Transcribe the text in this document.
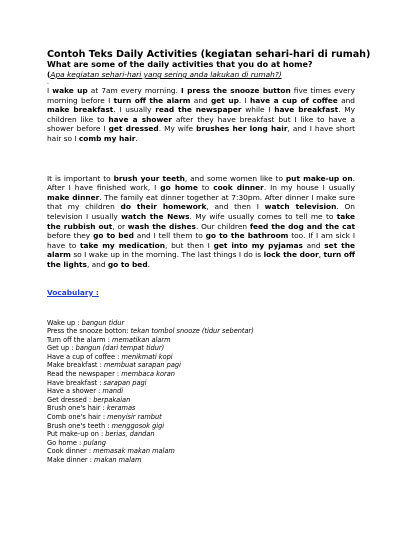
Contoh Teks Daily Activities (kegiatan sehari-hari di rumah)

What are some of the daily activities that you do at home?

(Apa kegiatan sehari-hari yang sering anda lakukan di rumah?)

.

I wake up at 7am every morning. I press the snooze button five times every morning before I turn off the alarm and get up. I have a cup of coffee and make breakfast. I usually read the newspaper while I have breakfast. My children like to have a shower after they have breakfast but I like to have a shower before I get dressed. My wife brushes her long hair, and I have short hair so I comb my hair.

It is important to brush your teeth, and some women like to put make-up on. After I have finished work, I go home to cook dinner. In my house I usually make dinner. The family eat dinner together at 7:30pm. After dinner I make sure that my children do their homework, and then I watch television. On television I usually watch the News. My wife usually comes to tell me to take the rubbish out, or wash the dishes. Our children feed the dog and the cat before they go to bed and I tell them to go to the bathroom too. If I am sick I have to take my medication, but then I get into my pyjamas and set the alarm so I wake up in the morning. The last things I do is lock the door, turn off the lights, and go to bed.

Vocabulary :

Wake up : bangun tidur
Press the snooze botton: tekan tombol snooze (tidur sebentar)
Turn off the alarm : mematikan alarm
Get up : bangun (dari tempat tidur)
Have a cup of coffee : menikmati kopi
Make breakfast : membuat sarapan pagi
Read the newspaper : membaca koran
Have breakfast : sarapan pagi
Have a shower : mandi
Get dressed : berpakaian
Brush one's hair : keramas
Comb one's hair : menyisir rambut
Brush one's teeth : menggosok gigi
Put make-up on : berias, dandan
Go home : pulang
Cook dinner : memasak makan malam
Make dinner : makan malam
